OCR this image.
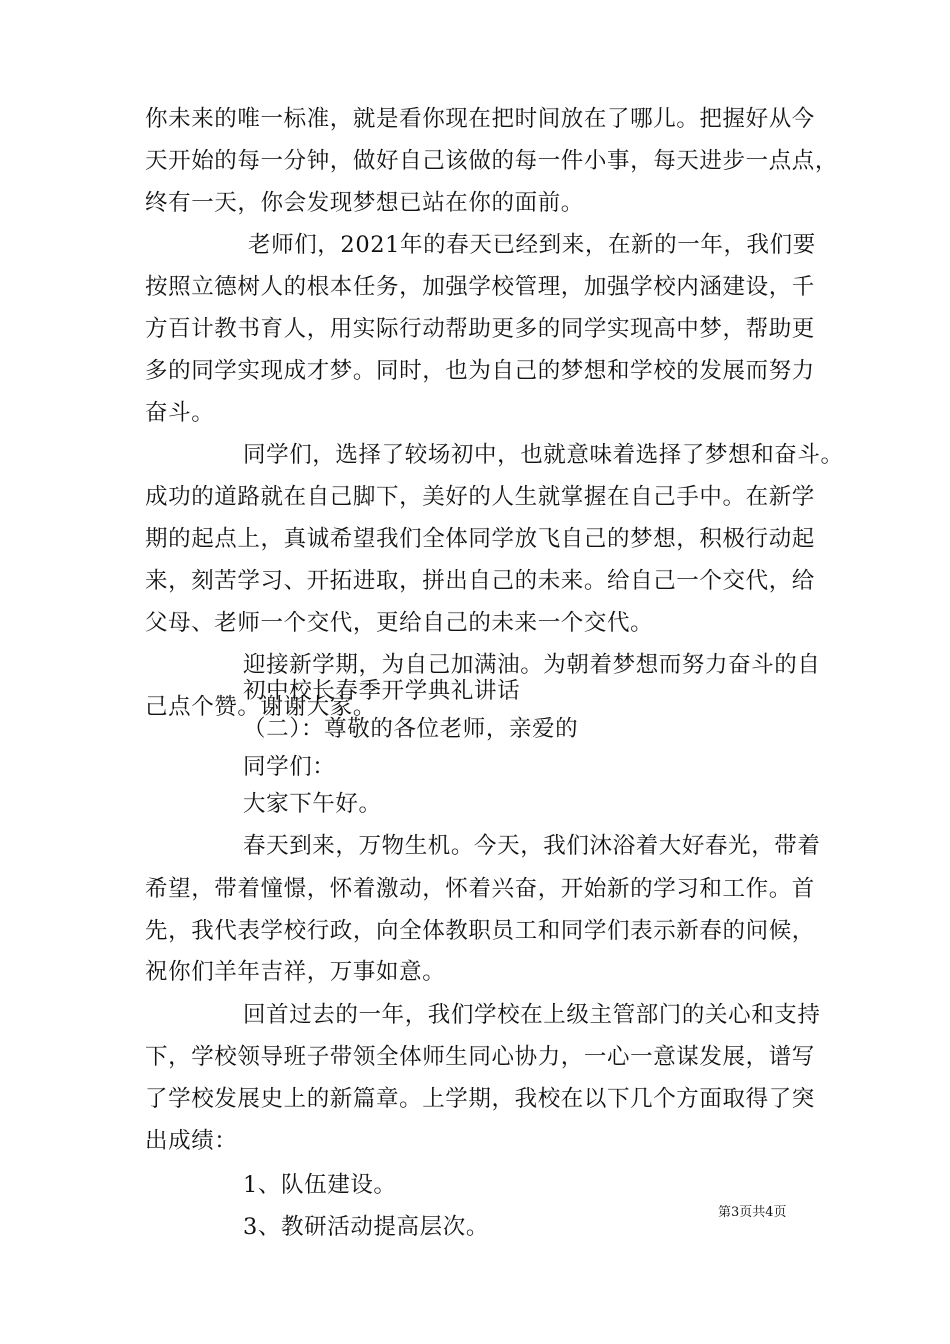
你未来的唯一标准，就是看你现在把时间放在了哪儿。把握好从今
天开始的每一分钟，做好自己该做的每一件小事，每天进步一点点，
终有一天，你会发现梦想已站在你的面前。
老师们，2021年的春天已经到来，在新的一年，我们要
按照立德树人的根本任务，加强学校管理，加强学校内涵建设，千
方百计教书育人，用实际行动帮助更多的同学实现高中梦，帮助更
多的同学实现成才梦。同时，也为自己的梦想和学校的发展而努力
奋斗。
同学们，选择了较场初中，也就意味着选择了梦想和奋斗。
成功的道路就在自己脚下，美好的人生就掌握在自己手中。在新学
期的起点上，真诚希望我们全体同学放飞自己的梦想，积极行动起
来，刻苦学习、开拓进取，拼出自己的未来。给自己一个交代，给
父母、老师一个交代，更给自己的未来一个交代。
迎接新学期，为自己加满油。为朝着梦想而努力奋斗的自
己点个赞。谢谢大家。
初中校长春季开学典礼讲话
（二）：尊敬的各位老师，亲爱的
同学们：
大家下午好。
春天到来，万物生机。今天，我们沐浴着大好春光，带着
希望，带着憧憬，怀着激动，怀着兴奋，开始新的学习和工作。首
先，我代表学校行政，向全体教职员工和同学们表示新春的问候，
祝你们羊年吉祥，万事如意。
回首过去的一年，我们学校在上级主管部门的关心和支持
下，学校领导班子带领全体师生同心协力，一心一意谋发展，谱写
了学校发展史上的新篇章。上学期，我校在以下几个方面取得了突
出成绩：
1、队伍建设。
3、教研活动提高层次。
第3页共4页
